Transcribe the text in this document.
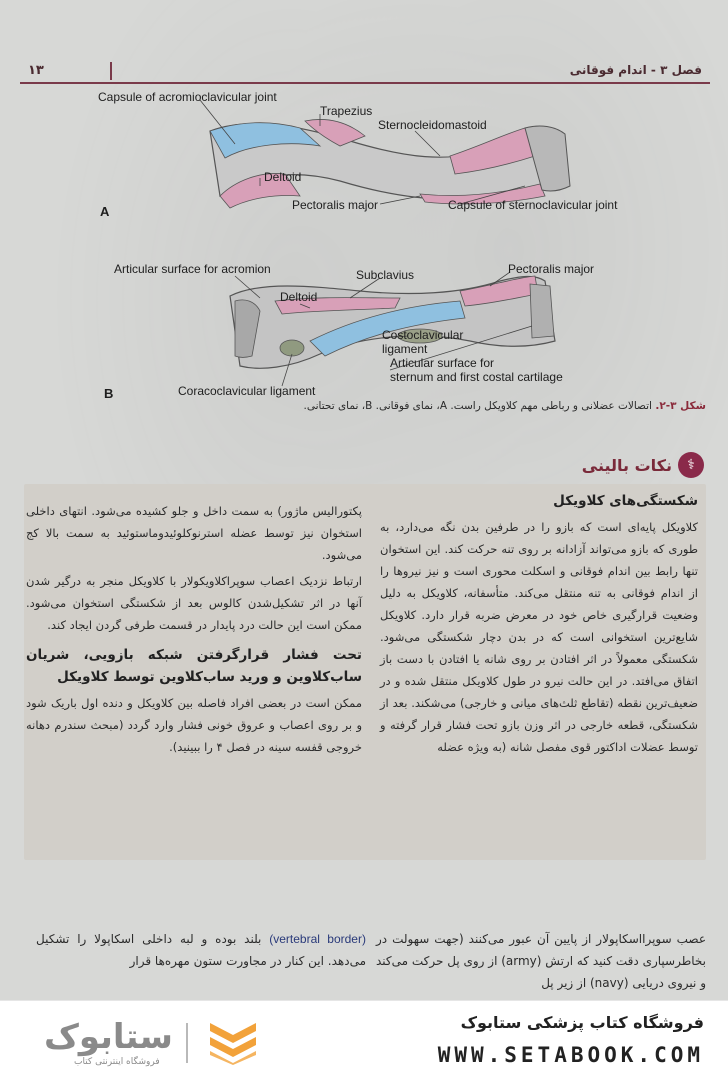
۱۳	فصل ۳ - اندام فوقانی
A
B
Capsule of acromioclavicular joint
Trapezius
Sternocleidomastoid
Deltoid
Pectoralis major	Capsule of sternoclavicular joint
Articular surface for acromion	Subclavius	Pectoralis major
Deltoid
Costoclavicular
ligament
Articular surface for
sternum and first costal cartilage
Coracoclavicular ligament
شکل ۳-۲. اتصالات عضلانی و رباطی مهم کلاویکل راست. A، نمای فوقانی. B، نمای تحتانی.
⚕
نکات بالینی
شکستگی‌های کلاویکل
کلاویکل پایه‌ای است که بازو را در طرفین بدن نگه می‌دارد، به طوری که بازو می‌تواند آزادانه بر روی تنه حرکت کند. این استخوان تنها رابط بین اندام فوقانی و اسکلت محوری است و نیز نیروها را از اندام فوقانی به تنه منتقل می‌کند. متأسفانه، کلاویکل به دلیل وضعیت قرارگیری خاص خود در معرض ضربه قرار دارد. کلاویکل شایع‌ترین استخوانی است که در بدن دچار شکستگی می‌شود. شکستگی معمولاً در اثر افتادن بر روی شانه یا افتادن با دست باز اتفاق می‌افتد. در این حالت نیرو در طول کلاویکل منتقل شده و در ضعیف‌ترین نقطه (تقاطع ثلث‌های میانی و خارجی) می‌شکند. بعد از شکستگی، قطعه خارجی در اثر وزن بازو تحت فشار قرار گرفته و توسط عضلات اداکتور قوی مفصل شانه (به ویژه عضله
پکتورالیس ماژور) به سمت داخل و جلو کشیده می‌شود. انتهای داخلی استخوان نیز توسط عضله استرنوکلوئیدوماستوئید به سمت بالا کج می‌شود.
ارتباط نزدیک اعصاب سوپراکلاویکولار با کلاویکل منجر به درگیر شدن آنها در اثر تشکیل‌شدن کالوس بعد از شکستگی استخوان می‌شود. ممکن است این حالت درد پایدار در قسمت طرفی گردن ایجاد کند.
تحت فشار قرارگرفتن شبکه بازویی، شریان ساب‌کلاوین و ورید ساب‌کلاوین توسط کلاویکل
ممکن است در بعضی افراد فاصله بین کلاویکل و دنده اول باریک شود و بر روی اعصاب و عروق خونی فشار وارد گردد (مبحث سندرم دهانه خروجی قفسه سینه در فصل ۴ را ببینید).
عصب سوپرااسکاپولار از پایین آن عبور می‌کنند (جهت سهولت در بخاطرسپاری دقت کنید که ارتش (army) از روی پل حرکت می‌کند و نیروی دریایی (navy) از زیر پل
(vertebral border) بلند بوده و لبه داخلی اسکاپولا را تشکیل می‌دهد. این کنار در مجاورت ستون مهره‌ها قرار
ستابوک
فروشگاه اینترنتی کتاب
فروشگاه کتاب پزشکی ستابوک
WWW.SETABOOK.COM
